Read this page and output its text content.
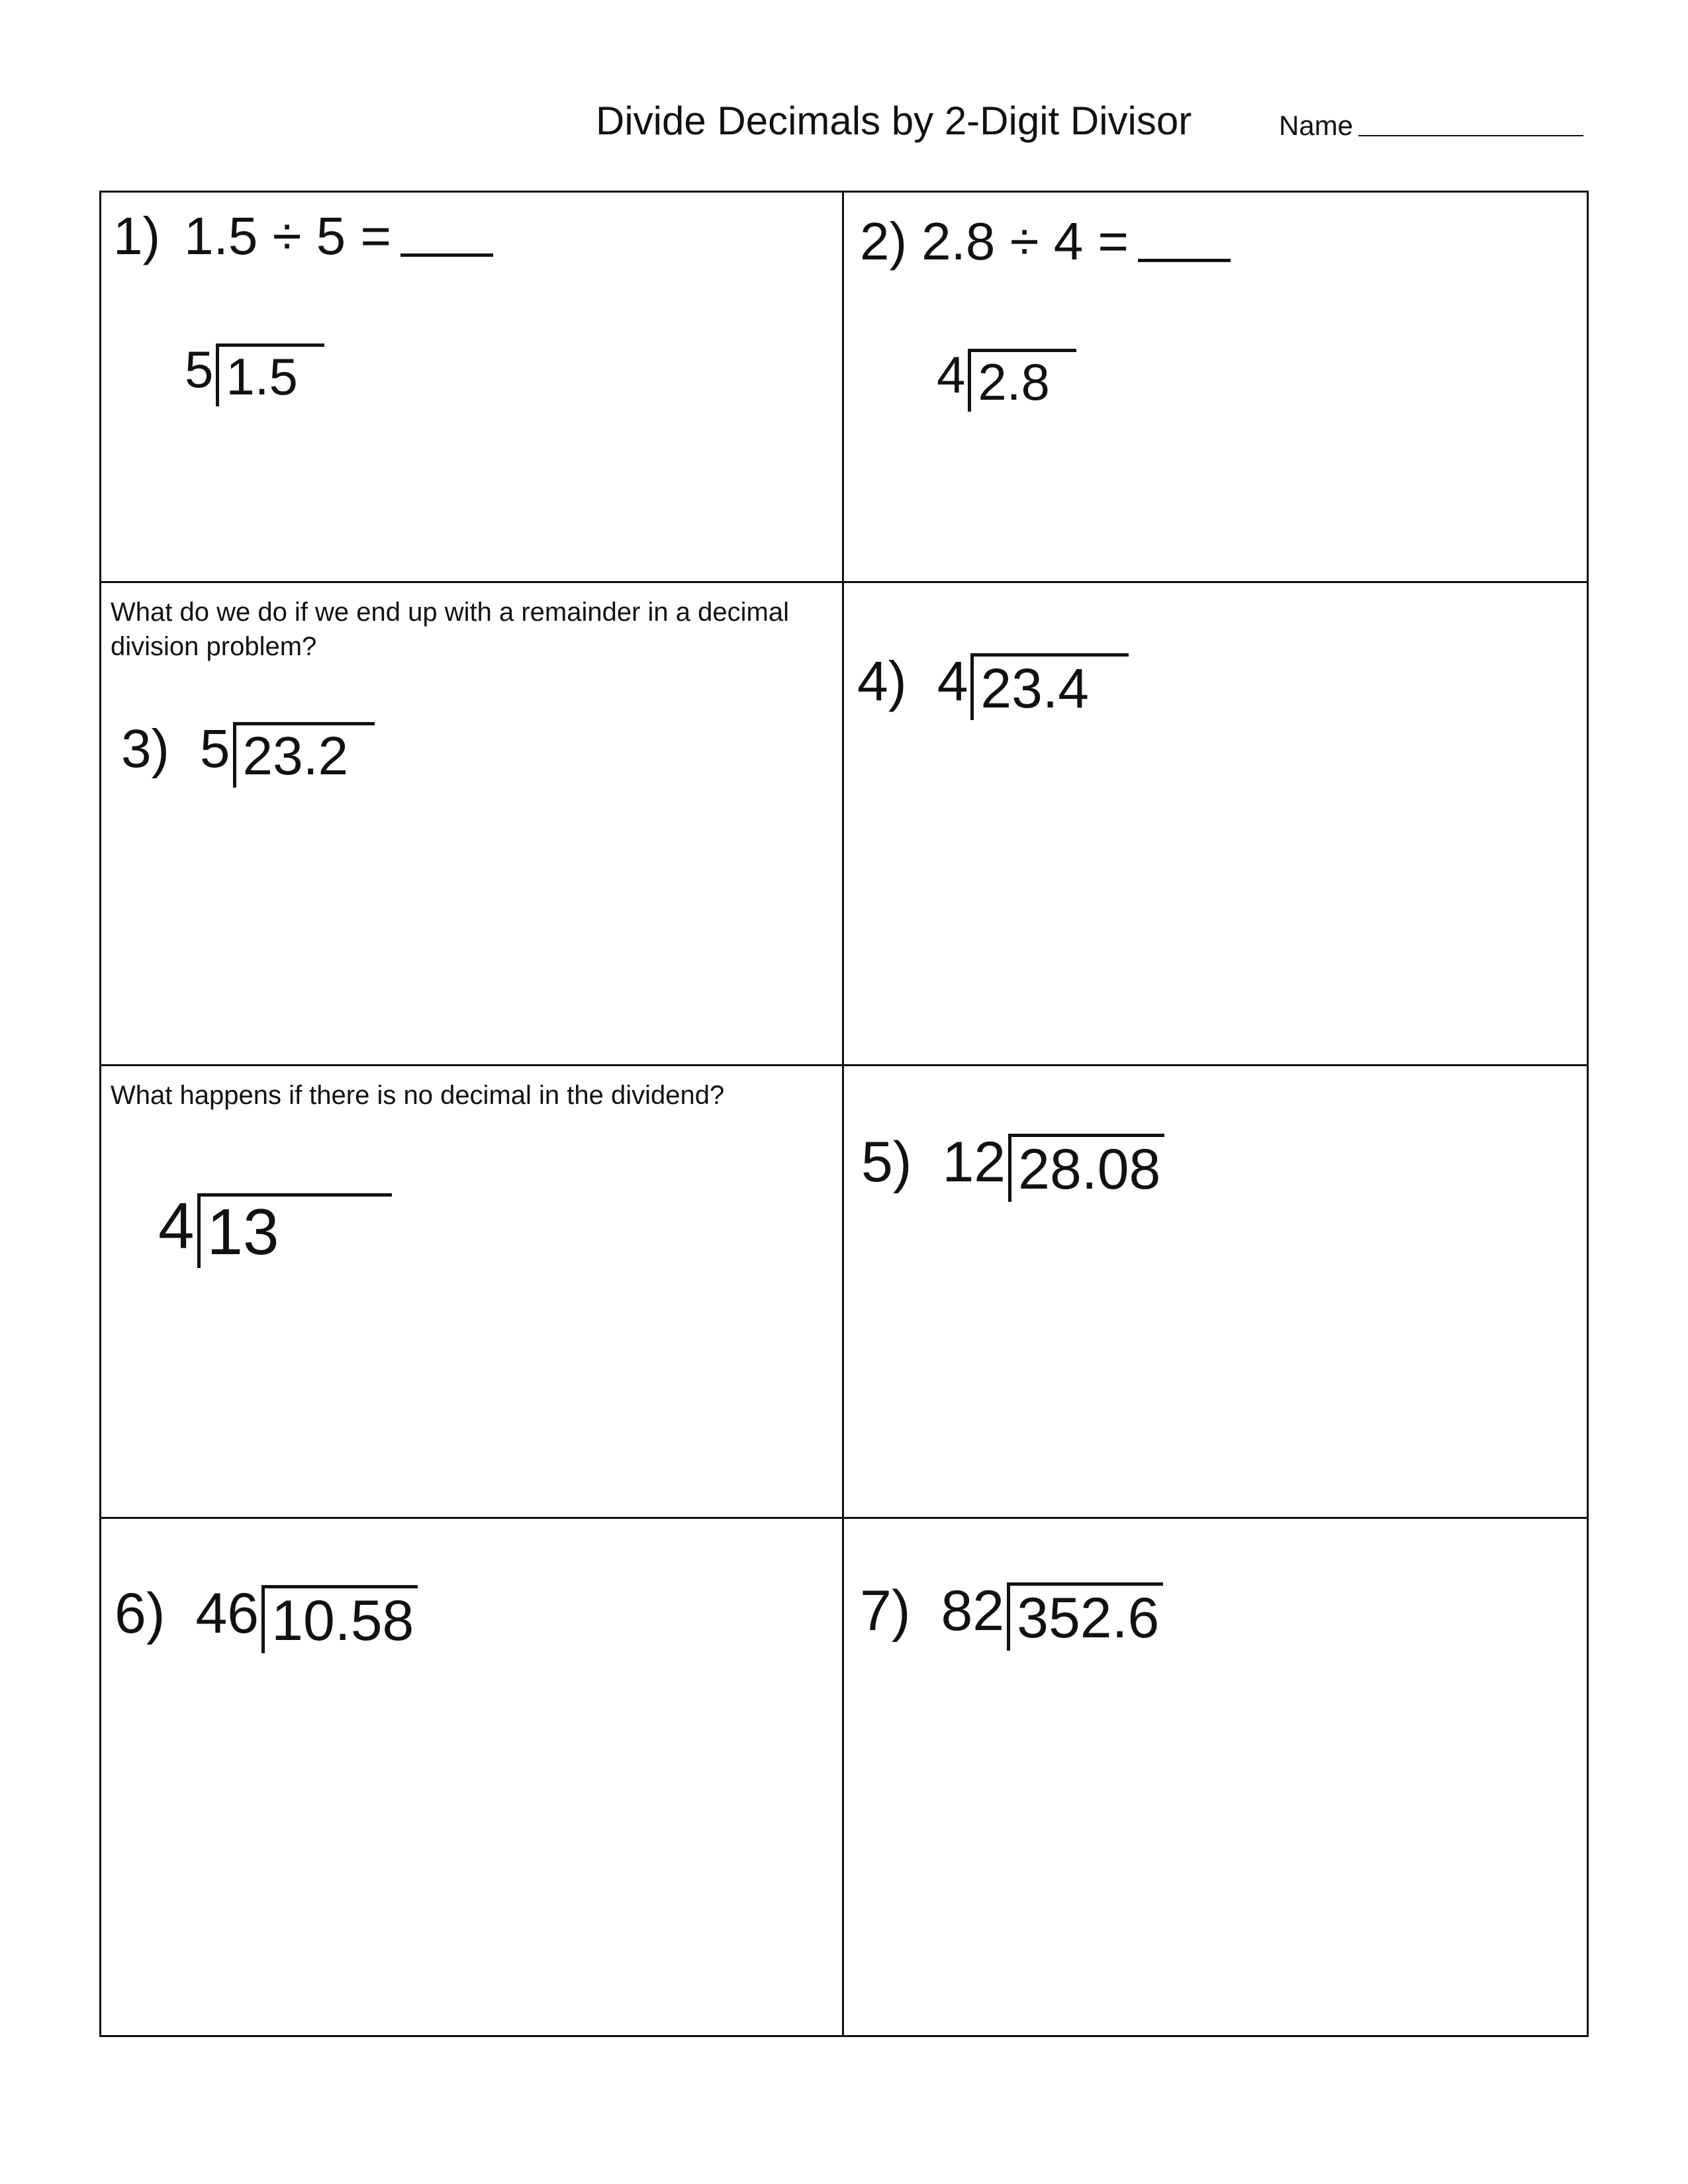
Divide Decimals by 2-Digit Divisor	Name
1) 1.5 ÷ 5 =
5 1.5
2) 2.8 ÷ 4 =
4 2.8
What do we do if we end up with a remainder in a decimal division problem?
3) 5 23.2
4) 4 23.4
What happens if there is no decimal in the dividend?
4 13
5) 12 28.08
6) 46 10.58	7) 82 352.6
